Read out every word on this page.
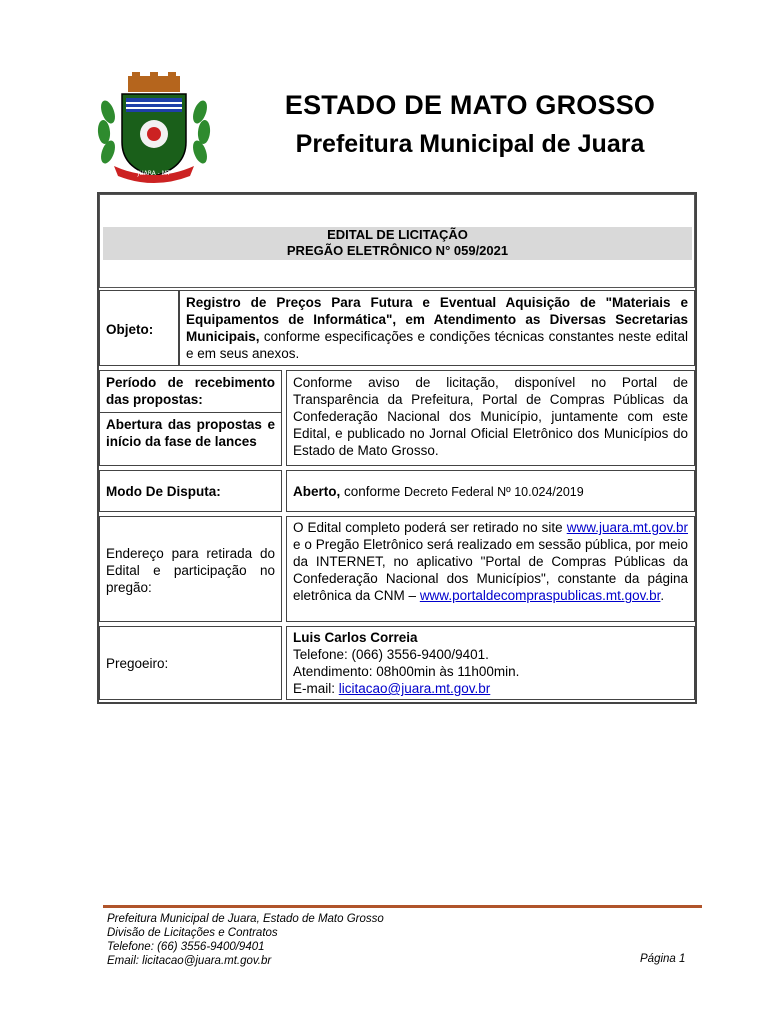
JUARA - MT
ESTADO DE MATO GROSSO
Prefeitura Municipal de Juara
EDITAL DE LICITAÇÃO
PREGÃO ELETRÔNICO N° 059/2021
Objeto:
Registro de Preços Para Futura e Eventual Aquisição de "Materiais e Equipamentos de Informática", em Atendimento as Diversas Secretarias Municipais, conforme especificações e condições técnicas constantes neste edital e em seus anexos.
Período de recebimento das propostas:
Abertura das propostas e início da fase de lances
Conforme aviso de licitação, disponível no Portal de Transparência da Prefeitura, Portal de Compras Públicas da Confederação Nacional dos Município, juntamente com este Edital, e publicado no Jornal Oficial Eletrônico dos Municípios do Estado de Mato Grosso.
Modo De Disputa:	Aberto, conforme Decreto Federal Nº 10.024/2019
Endereço para retirada do Edital e participação no pregão:
O Edital completo poderá ser retirado no site www.juara.mt.gov.br e o Pregão Eletrônico será realizado em sessão pública, por meio da INTERNET, no aplicativo "Portal de Compras Públicas da Confederação Nacional dos Municípios", constante da página eletrônica da CNM – www.portaldecompraspublicas.mt.gov.br.
Pregoeiro:
Luis Carlos Correia
Telefone: (066) 3556-9400/9401.
Atendimento: 08h00min às 11h00min.
E-mail: licitacao@juara.mt.gov.br
Prefeitura Municipal de Juara, Estado de Mato Grosso
Divisão de Licitações e Contratos
Telefone: (66) 3556-9400/9401
Email: licitacao@juara.mt.gov.br	Página 1
